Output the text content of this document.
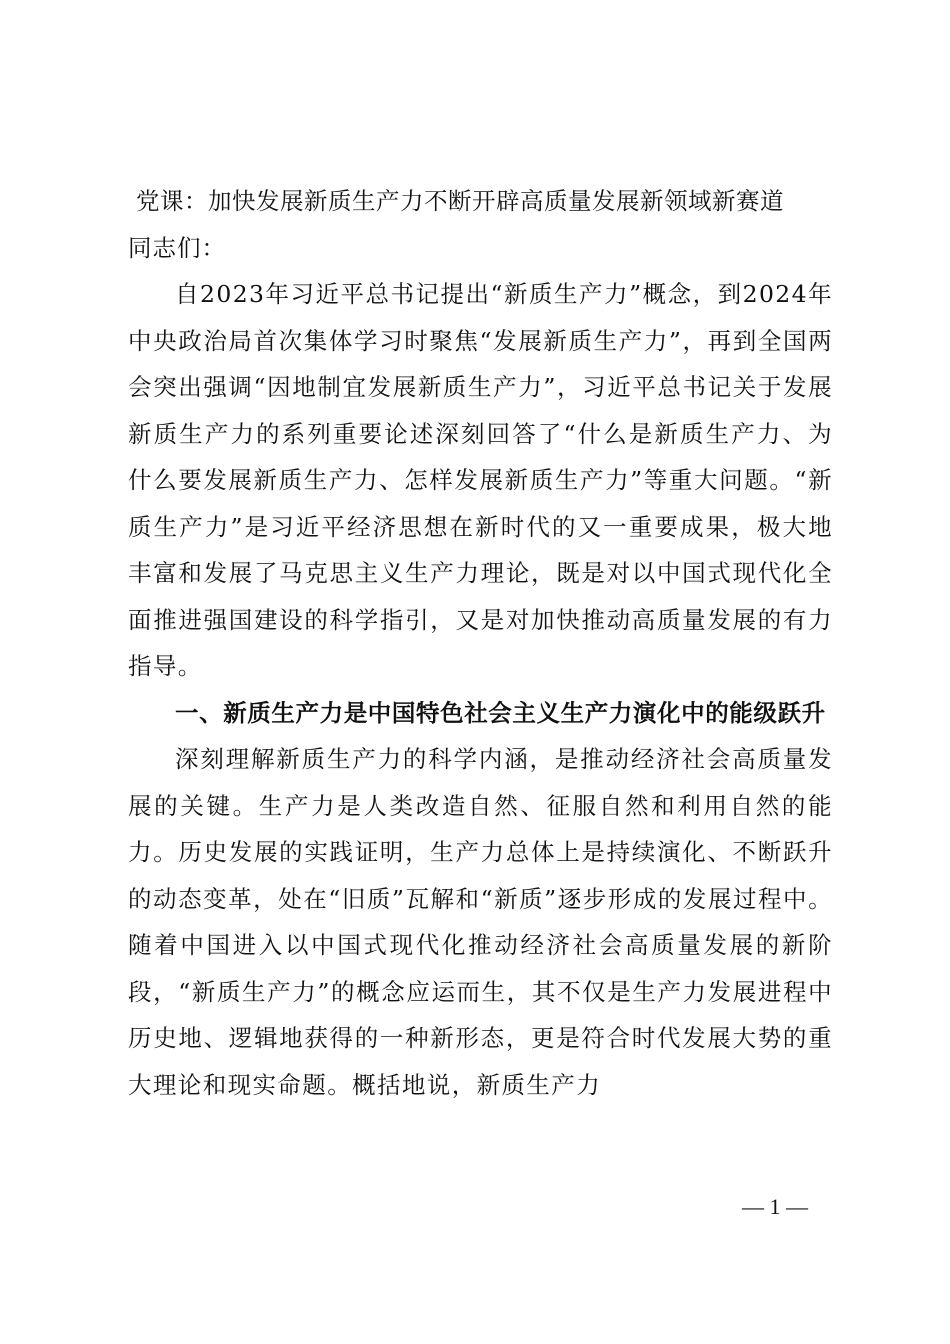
党课：加快发展新质生产力不断开辟高质量发展新领域新赛道

同志们：

自2023年习近平总书记提出“新质生产力”概念，到2024年中央政治局首次集体学习时聚焦“发展新质生产力”，再到全国两会突出强调“因地制宜发展新质生产力”，习近平总书记关于发展新质生产力的系列重要论述深刻回答了“什么是新质生产力、为什么要发展新质生产力、怎样发展新质生产力”等重大问题。“新质生产力”是习近平经济思想在新时代的又一重要成果，极大地丰富和发展了马克思主义生产力理论，既是对以中国式现代化全面推进强国建设的科学指引，又是对加快推动高质量发展的有力指导。

一、新质生产力是中国特色社会主义生产力演化中的能级跃升

深刻理解新质生产力的科学内涵，是推动经济社会高质量发展的关键。生产力是人类改造自然、征服自然和利用自然的能力。历史发展的实践证明，生产力总体上是持续演化、不断跃升的动态变革，处在“旧质”瓦解和“新质”逐步形成的发展过程中。随着中国进入以中国式现代化推动经济社会高质量发展的新阶段，“新质生产力”的概念应运而生，其不仅是生产力发展进程中历史地、逻辑地获得的一种新形态，更是符合时代发展大势的重大理论和现实命题。概括地说，新质生产力

— 1 —
